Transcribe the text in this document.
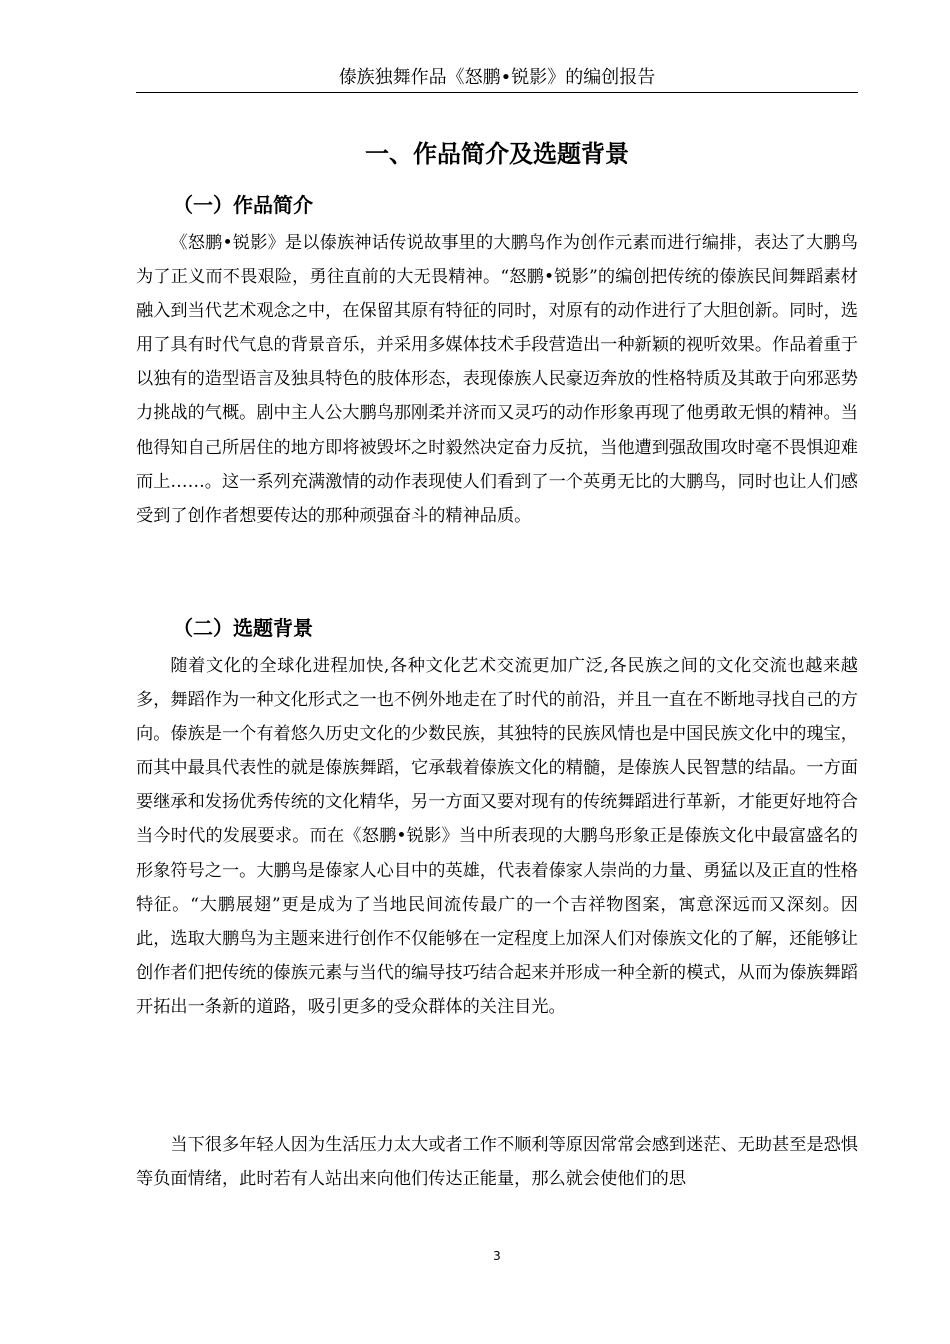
傣族独舞作品《怒鹏•锐影》的编创报告
一、作品简介及选题背景
（一）作品简介

《怒鹏•锐影》是以傣族神话传说故事里的大鹏鸟作为创作元素而进行编排，表达了大鹏鸟为了正义而不畏艰险，勇往直前的大无畏精神。“怒鹏•锐影”的编创把传统的傣族民间舞蹈素材融入到当代艺术观念之中，在保留其原有特征的同时，对原有的动作进行了大胆创新。同时，选用了具有时代气息的背景音乐，并采用多媒体技术手段营造出一种新颖的视听效果。作品着重于以独有的造型语言及独具特色的肢体形态，表现傣族人民豪迈奔放的性格特质及其敢于向邪恶势力挑战的气概。剧中主人公大鹏鸟那刚柔并济而又灵巧的动作形象再现了他勇敢无惧的精神。当他得知自己所居住的地方即将被毁坏之时毅然决定奋力反抗，当他遭到强敌围攻时毫不畏惧迎难而上……。这一系列充满激情的动作表现使人们看到了一个英勇无比的大鹏鸟，同时也让人们感受到了创作者想要传达的那种顽强奋斗的精神品质。

（二）选题背景

随着文化的全球化进程加快,各种文化艺术交流更加广泛,各民族之间的文化交流也越来越多，舞蹈作为一种文化形式之一也不例外地走在了时代的前沿，并且一直在不断地寻找自己的方向。傣族是一个有着悠久历史文化的少数民族，其独特的民族风情也是中国民族文化中的瑰宝，而其中最具代表性的就是傣族舞蹈，它承载着傣族文化的精髓，是傣族人民智慧的结晶。一方面要继承和发扬优秀传统的文化精华，另一方面又要对现有的传统舞蹈进行革新，才能更好地符合当今时代的发展要求。而在《怒鹏•锐影》当中所表现的大鹏鸟形象正是傣族文化中最富盛名的形象符号之一。大鹏鸟是傣家人心目中的英雄，代表着傣家人崇尚的力量、勇猛以及正直的性格特征。“大鹏展翅”更是成为了当地民间流传最广的一个吉祥物图案，寓意深远而又深刻。因此，选取大鹏鸟为主题来进行创作不仅能够在一定程度上加深人们对傣族文化的了解，还能够让创作者们把传统的傣族元素与当代的编导技巧结合起来并形成一种全新的模式，从而为傣族舞蹈开拓出一条新的道路，吸引更多的受众群体的关注目光。

当下很多年轻人因为生活压力太大或者工作不顺利等原因常常会感到迷茫、无助甚至是恐惧等负面情绪，此时若有人站出来向他们传达正能量，那么就会使他们的思

3
